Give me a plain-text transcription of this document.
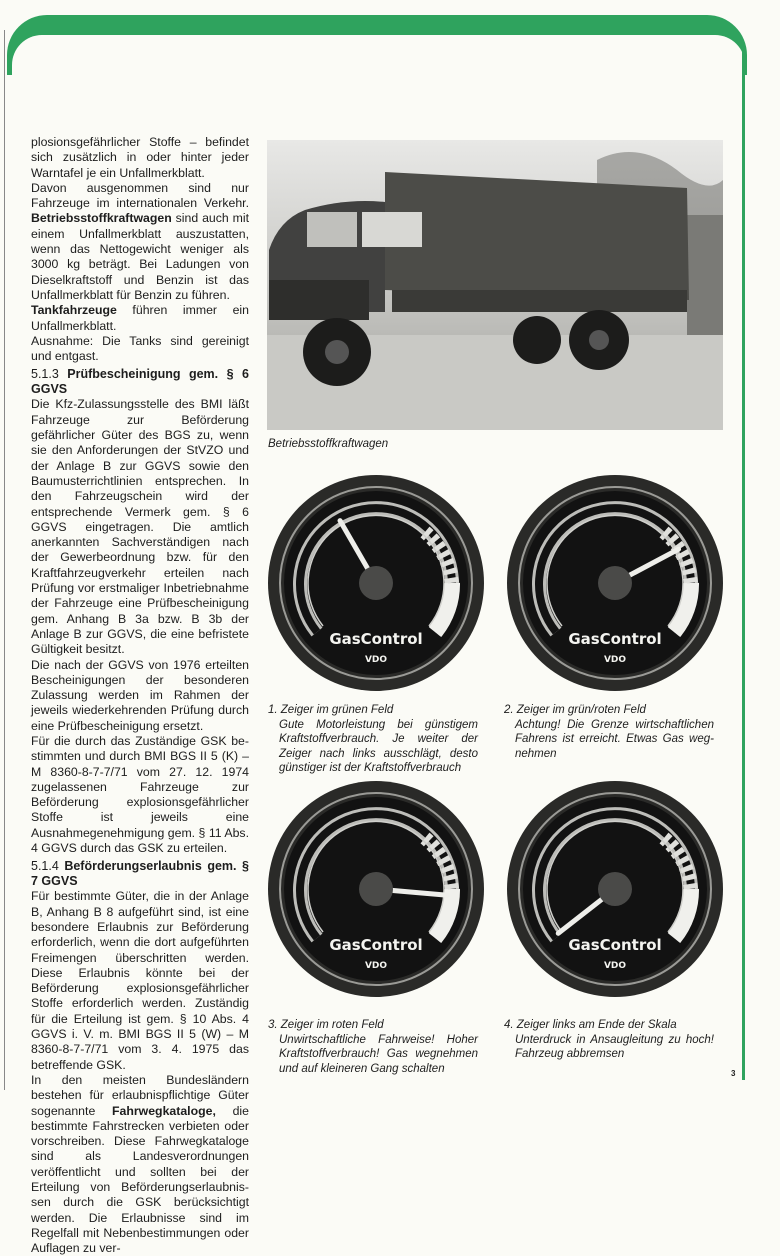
plosionsgefährlicher Stoffe – befindet sich zusätzlich in oder hinter jeder Warntafel je ein Unfallmerkblatt.

Davon ausgenommen sind nur Fahrzeuge im internationalen Verkehr. Betriebsstoffkraftwagen sind auch mit einem Unfallmerkblatt auszustatten, wenn das Nettogewicht weniger als 3000 kg beträgt. Bei Ladungen von Dieselkraftstoff und Benzin ist das Unfallmerkblatt für Benzin zu führen.

Tankfahrzeuge führen immer ein Unfallmerkblatt.

Ausnahme: Die Tanks sind gereinigt und entgast.

5.1.3 Prüfbescheinigung gem. § 6 GGVS

Die Kfz-Zulassungsstelle des BMI läßt Fahrzeuge zur Beförderung gefährlicher Güter des BGS zu, wenn sie den Anforderungen der StVZO und der Anlage B zur GGVS sowie den Baumusterrichtlinien entsprechen. In den Fahrzeugschein wird der entsprechende Vermerk gem. § 6 GGVS eingetragen. Die amtlich anerkannten Sachverständigen nach der Gewerbeordnung bzw. für den Kraftfahrzeugverkehr erteilen nach Prüfung vor erstmaliger Inbetriebnahme der Fahrzeuge eine Prüfbescheinigung gem. Anhang B 3a bzw. B 3b der Anlage B zur GGVS, die eine befristete Gültigkeit besitzt.

Die nach der GGVS von 1976 erteilten Bescheinigungen der besonderen Zulassung werden im Rahmen der jeweils wiederkehrenden Prüfung durch eine Prüfbescheinigung ersetzt.

Für die durch das Zuständige GSK bestimmten und durch BMI BGS II 5 (K) – M 8360-8-7-7/71 vom 27. 12. 1974 zugelassenen Fahrzeuge zur Beförderung explosionsgefährlicher Stoffe ist jeweils eine Ausnahmegenehmigung gem. § 11 Abs. 4 GGVS durch das GSK zu erteilen.

5.1.4 Beförderungserlaubnis gem. § 7 GGVS

Für bestimmte Güter, die in der Anlage B, Anhang B 8 aufgeführt sind, ist eine besondere Erlaubnis zur Beförderung erforderlich, wenn die dort aufgeführten Freimengen überschritten werden. Diese Erlaubnis könnte bei der Beförderung explosionsgefährlicher Stoffe erforderlich werden. Zuständig für die Erteilung ist gem. § 10 Abs. 4 GGVS i. V. m. BMI BGS II 5 (W) – M 8360-8-7-7/71 vom 3. 4. 1975 das betreffende GSK.

In den meisten Bundesländern bestehen für erlaubnispflichtige Güter sogenannte Fahrwegkataloge, die bestimmte Fahrstrecken verbieten oder vorschreiben. Diese Fahrwegkataloge sind als Landesverordnungen veröffentlicht und sollten bei der Erteilung von Beförderungserlaubnissen durch die GSK berücksichtigt werden. Die Erlaubnisse sind im Regelfall mit Nebenbestimmungen oder Auflagen zu ver-

Betriebsstoffkraftwagen
GasControl
VDO
1. Zeiger im grünen Feld
Gute Motorleistung bei günstigem Kraftstoffverbrauch. Je weiter der Zeiger nach links ausschlägt, desto günstiger ist der Kraftstoffverbrauch
GasControl
VDO
2. Zeiger im grün/roten Feld
Achtung! Die Grenze wirtschaftlichen Fahrens ist erreicht. Etwas Gas wegnehmen
GasControl
VDO
3. Zeiger im roten Feld
Unwirtschaftliche Fahrweise! Hoher Kraftstoffverbrauch! Gas wegnehmen und auf kleineren Gang schalten
GasControl
VDO
4. Zeiger links am Ende der Skala
Unterdruck in Ansaugleitung zu hoch! Fahrzeug abbremsen
3
